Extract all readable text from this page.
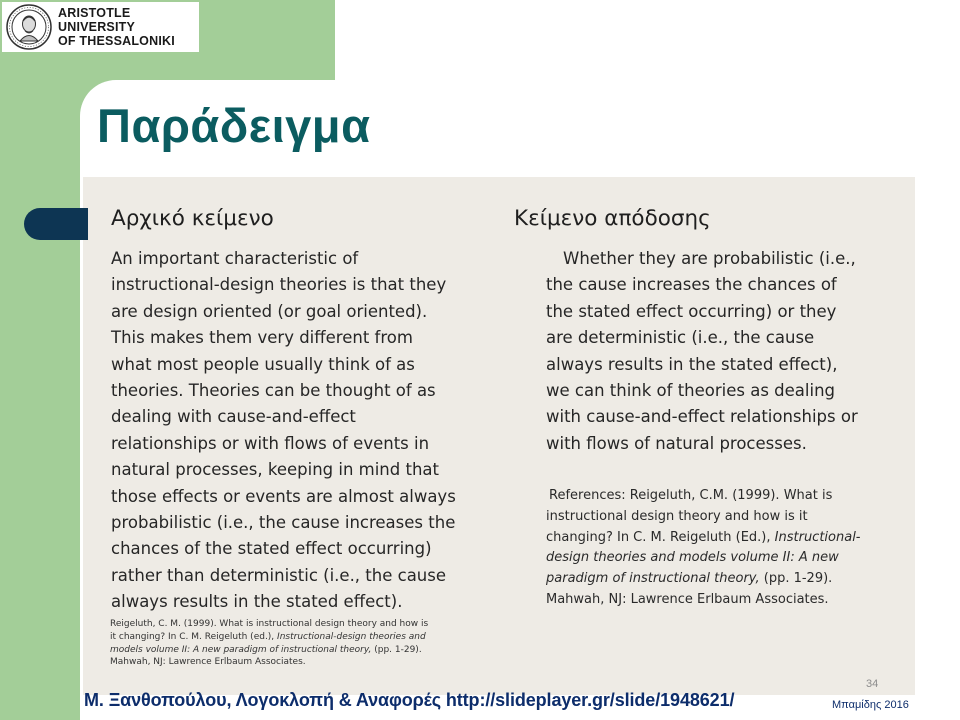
ARISTOTLE
UNIVERSITY
OF THESSALONIKI
Παράδειγμα
Αρχικό κείμενο
An important characteristic of
instructional-design theories is that they
are design oriented (or goal oriented).
This makes them very different from
what most people usually think of as
theories. Theories can be thought of as
dealing with cause-and-effect
relationships or with flows of events in
natural processes, keeping in mind that
those effects or events are almost always
probabilistic (i.e., the cause increases the
chances of the stated effect occurring)
rather than deterministic (i.e., the cause
always results in the stated effect).
Reigeluth, C. M. (1999). What is instructional design theory and how is
it changing? In C. M. Reigeluth (ed.), Instructional-design theories and
models volume II: A new paradigm of instructional theory, (pp. 1-29).
Mahwah, NJ: Lawrence Erlbaum Associates.
Κείμενο απόδοσης
Whether they are probabilistic (i.e.,
the cause increases the chances of
the stated effect occurring) or they
are deterministic (i.e., the cause
always results in the stated effect),
we can think of theories as dealing
with cause-and-effect relationships or
with flows of natural processes.
References: Reigeluth, C.M. (1999). What is
instructional design theory and how is it
changing? In C. M. Reigeluth (Ed.), Instructional-
design theories and models volume II: A new
paradigm of instructional theory, (pp. 1-29).
Mahwah, NJ: Lawrence Erlbaum Associates.
34
Μ. Ξανθοπούλου, Λογοκλοπή & Αναφορές http://slideplayer.gr/slide/1948621/	Μπαμίδης 2016
